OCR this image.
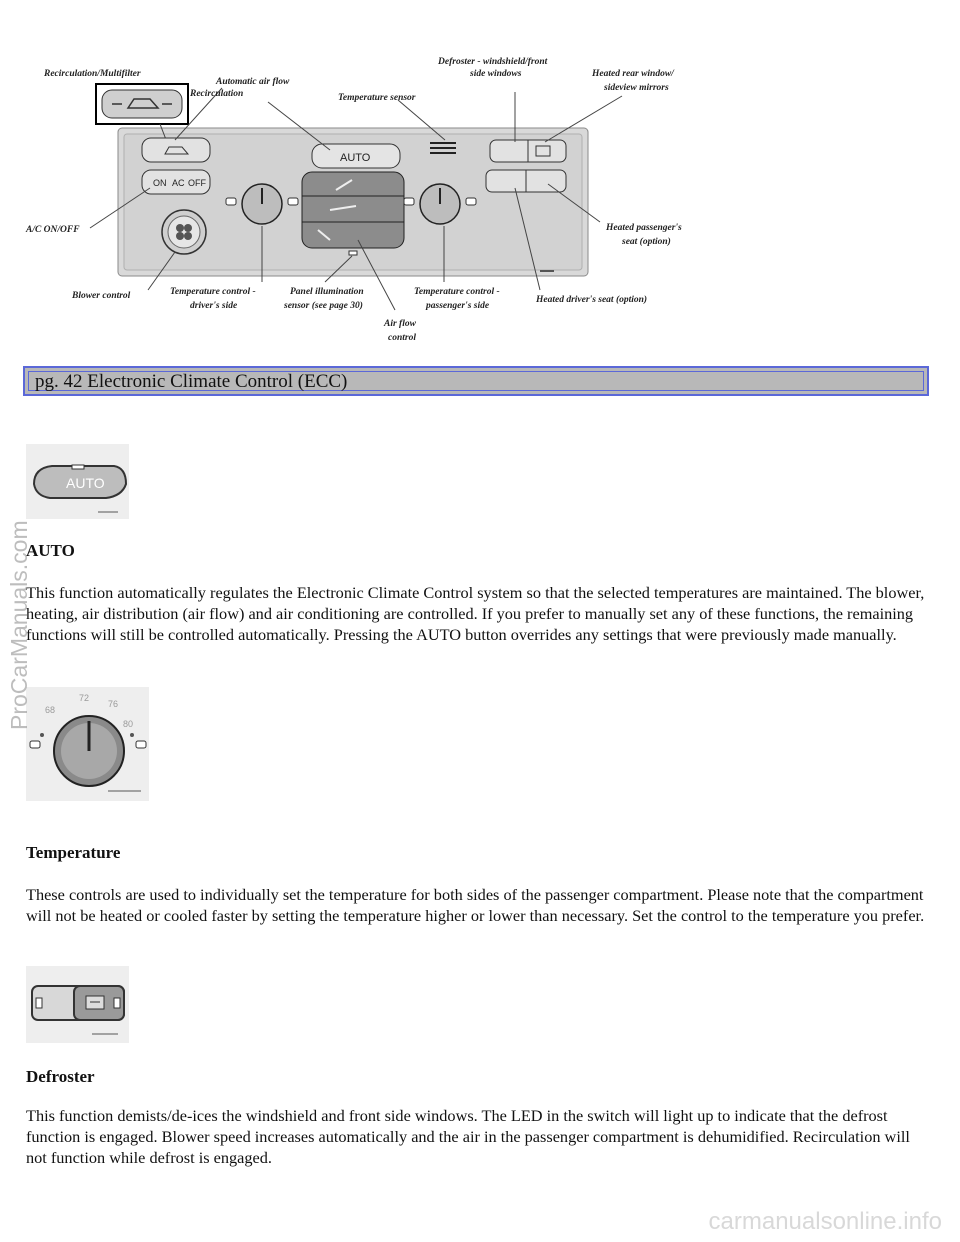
ON AC OFF
AUTO
Recirculation/Multifilter
Automatic air flow
Recirculation	Temperature sensor
Defroster - windshield/front
side windows	Heated rear window/
sideview mirrors
A/C ON/OFF	Heated passenger's
seat (option)
Blower control	Temperature control -
driver's side
Panel illumination
sensor (see page 30)
Temperature control -
passenger's side
Heated driver's seat (option)
Air flow
control
pg. 42 Electronic Climate Control (ECC)
AUTO
AUTO

This function automatically regulates the Electronic Climate Control system so that the selected temperatures are maintained. The blower, heating, air distribution (air flow) and air conditioning are controlled. If you prefer to manually set any of these functions, the remaining functions will still be controlled automatically. Pressing the AUTO button overrides any settings that were previously made manually.

68
72
76
80
Temperature

These controls are used to individually set the temperature for both sides of the passenger compartment. Please note that the compartment will not be heated or cooled faster by setting the temperature higher or lower than necessary. Set the control to the temperature you prefer.

Defroster

This function demists/de-ices the windshield and front side windows. The LED in the switch will light up to indicate that the defrost function is engaged. Blower speed increases automatically and the air in the passenger compartment is dehumidified. Recirculation will not function while defrost is engaged.

ProCarManuals.com
carmanualsonline.info
